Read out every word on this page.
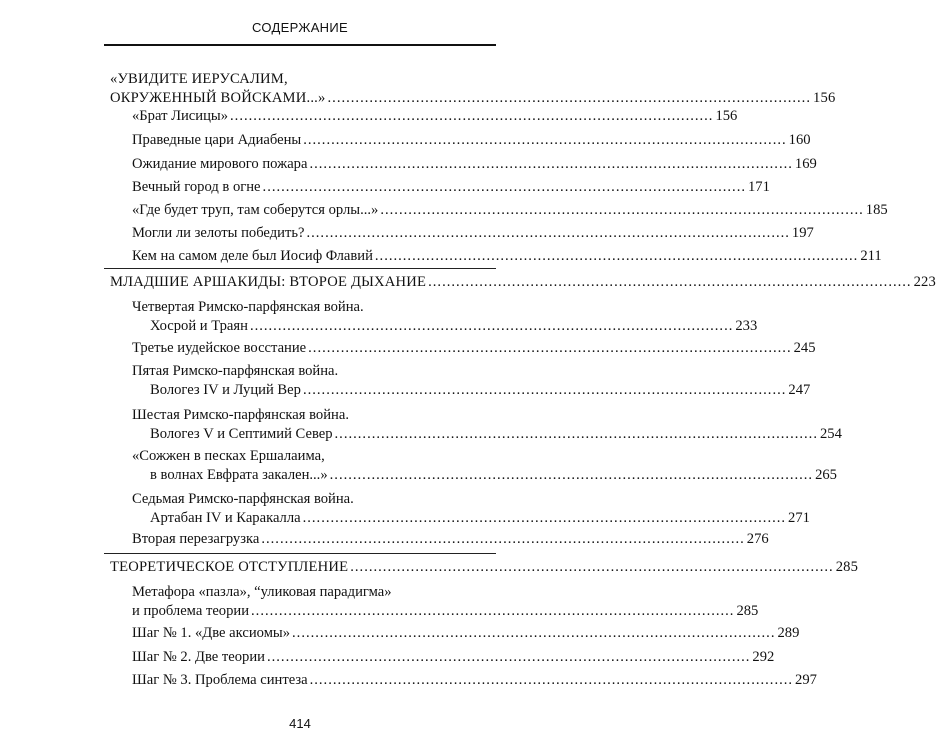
СОДЕРЖАНИЕ
«УВИДИТЕ ИЕРУСАЛИМ,
ОКРУЖЕННЫЙ ВОЙСКАМИ...» ........................................................................................................ 156
«Брат Лисицы» ........................................................................................................ 156
Праведные цари Адиабены ........................................................................................................ 160
Ожидание мирового пожара ........................................................................................................ 169
Вечный город в огне ........................................................................................................ 171
«Где будет труп, там соберутся орлы...» ........................................................................................................ 185
Могли ли зелоты победить? ........................................................................................................ 197
Кем на самом деле был Иосиф Флавий ........................................................................................................ 211
МЛАДШИЕ АРШАКИДЫ: ВТОРОЕ ДЫХАНИЕ ........................................................................................................ 223
Четвертая Римско-парфянская война.
Хосрой и Траян ........................................................................................................ 233
Третье иудейское восстание ........................................................................................................ 245
Пятая Римско-парфянская война.
Вологез IV и Луций Вер ........................................................................................................ 247
Шестая Римско-парфянская война.
Вологез V и Септимий Север ........................................................................................................ 254
«Сожжен в песках Ершалаима,
в волнах Евфрата закален...» ........................................................................................................ 265
Седьмая Римско-парфянская война.
Артабан IV и Каракалла ........................................................................................................ 271
Вторая перезагрузка ........................................................................................................ 276
ТЕОРЕТИЧЕСКОЕ ОТСТУПЛЕНИЕ ........................................................................................................ 285
Метафора «пазла», “уликовая парадигма»
и проблема теории ........................................................................................................ 285
Шаг № 1. «Две аксиомы» ........................................................................................................ 289
Шаг № 2. Две теории ........................................................................................................ 292
Шаг № 3. Проблема синтеза ........................................................................................................ 297
414
